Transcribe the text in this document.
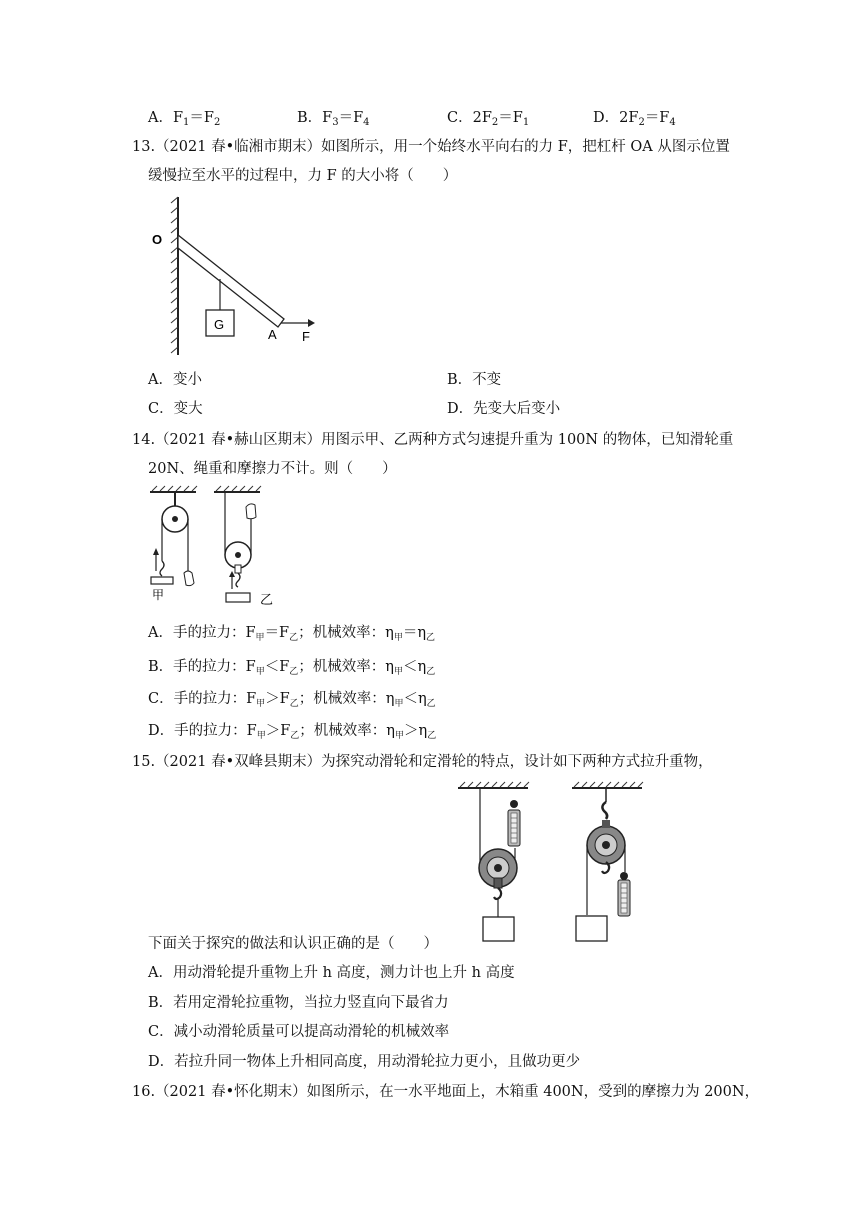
A．$F_1=F_2$	B．$F_3=F_4$	C．$2F_2=F_1$	D．$2F_2=F_4$
13.（2021 春•临湘市期末）如图所示，用一个始终水平向右的力 F，把杠杆 OA 从图示位置
缓慢拉至水平的过程中，力 F 的大小将（　　）
G
O
A F
A．变小	B．不变
C．变大	D．先变大后变小
14.（2021 春•赫山区期末）用图示甲、乙两种方式匀速提升重为 100N 的物体，已知滑轮重
20N、绳重和摩擦力不计。则（　　）
甲	乙
A．手的拉力：$F_甲=F_乙$；机械效率：$\eta_甲=\eta_乙$
B．手的拉力：$F_甲<F_乙$；机械效率：$\eta_甲<\eta_乙$
C．手的拉力：$F_甲>F_乙$；机械效率：$\eta_甲<\eta_乙$
D．手的拉力：$F_甲>F_乙$；机械效率：$\eta_甲>\eta_乙$
15.（2021 春•双峰县期末）为探究动滑轮和定滑轮的特点，设计如下两种方式拉升重物，
下面关于探究的做法和认识正确的是（　　）
A．用动滑轮提升重物上升 h 高度，测力计也上升 h 高度
B．若用定滑轮拉重物，当拉力竖直向下最省力
C．减小动滑轮质量可以提高动滑轮的机械效率
D．若拉升同一物体上升相同高度，用动滑轮拉力更小，且做功更少
16.（2021 春•怀化期末）如图所示，在一水平地面上，木箱重 400N，受到的摩擦力为 200N，
